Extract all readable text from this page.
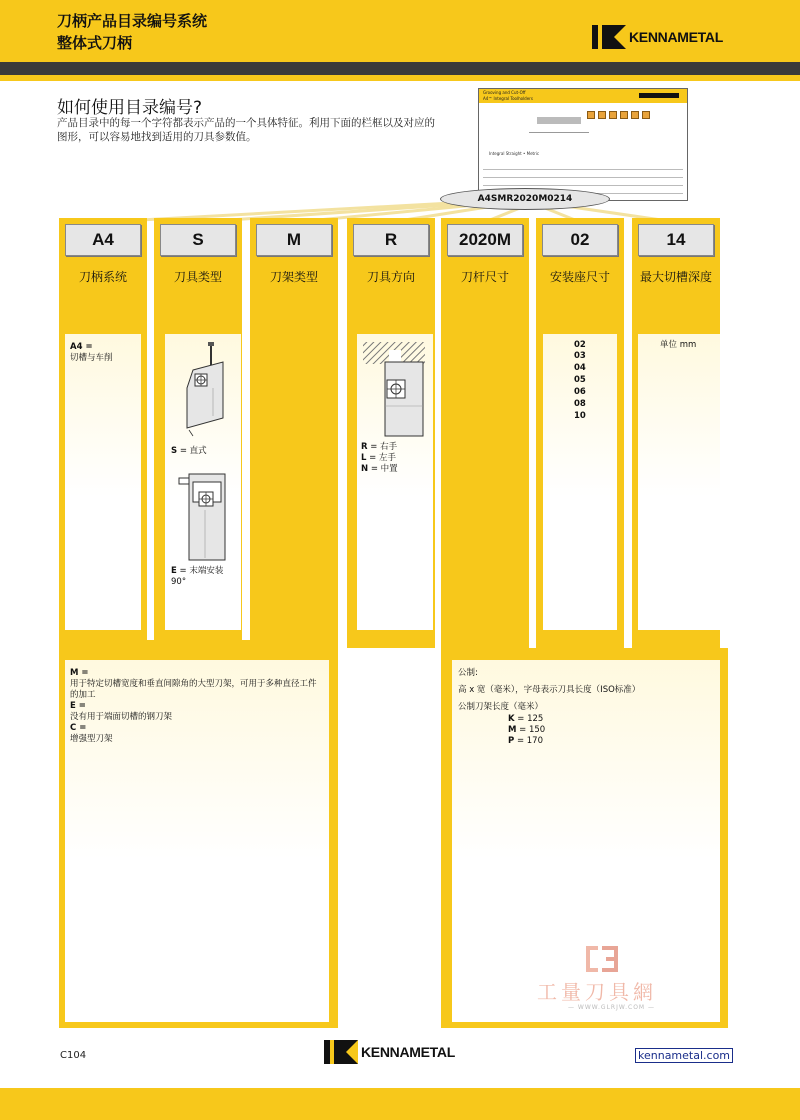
刀柄产品目录编号系统
整体式刀柄	KENNAMETAL
如何使用目录编号?
产品目录中的每一个字符都表示产品的一个具体特征。利用下面的栏框以及对应的图形，可以容易地找到适用的刀具参数值。
Grooving and Cut-Off
A4™ Integral Toolholders
Integral Straight • Metric
A4SMR2020M0214
A4
刀柄系统
S
刀具类型
M
刀架类型
R
刀具方向
2020M
刀杆尺寸
02
安装座尺寸
14
最大切槽深度
A4 =
切槽与车削
S = 直式
E = 末端安装 90°
R = 右手
L = 左手
N = 中置
02
03
04
05
06
08
10
单位 mm
M =
用于特定切槽宽度和垂直间隙角的大型刀架，可用于多种直径工件的加工
E =
没有用于端面切槽的钢刀架
C =
增强型刀架
公制:
高 x 宽（毫米），字母表示刀具长度（ISO标准）
公制刀架长度（毫米）
K = 125
M = 150
P = 170
工量刀具網
— WWW.GLRJW.COM —
C104	KENNAMETAL	kennametal.com
